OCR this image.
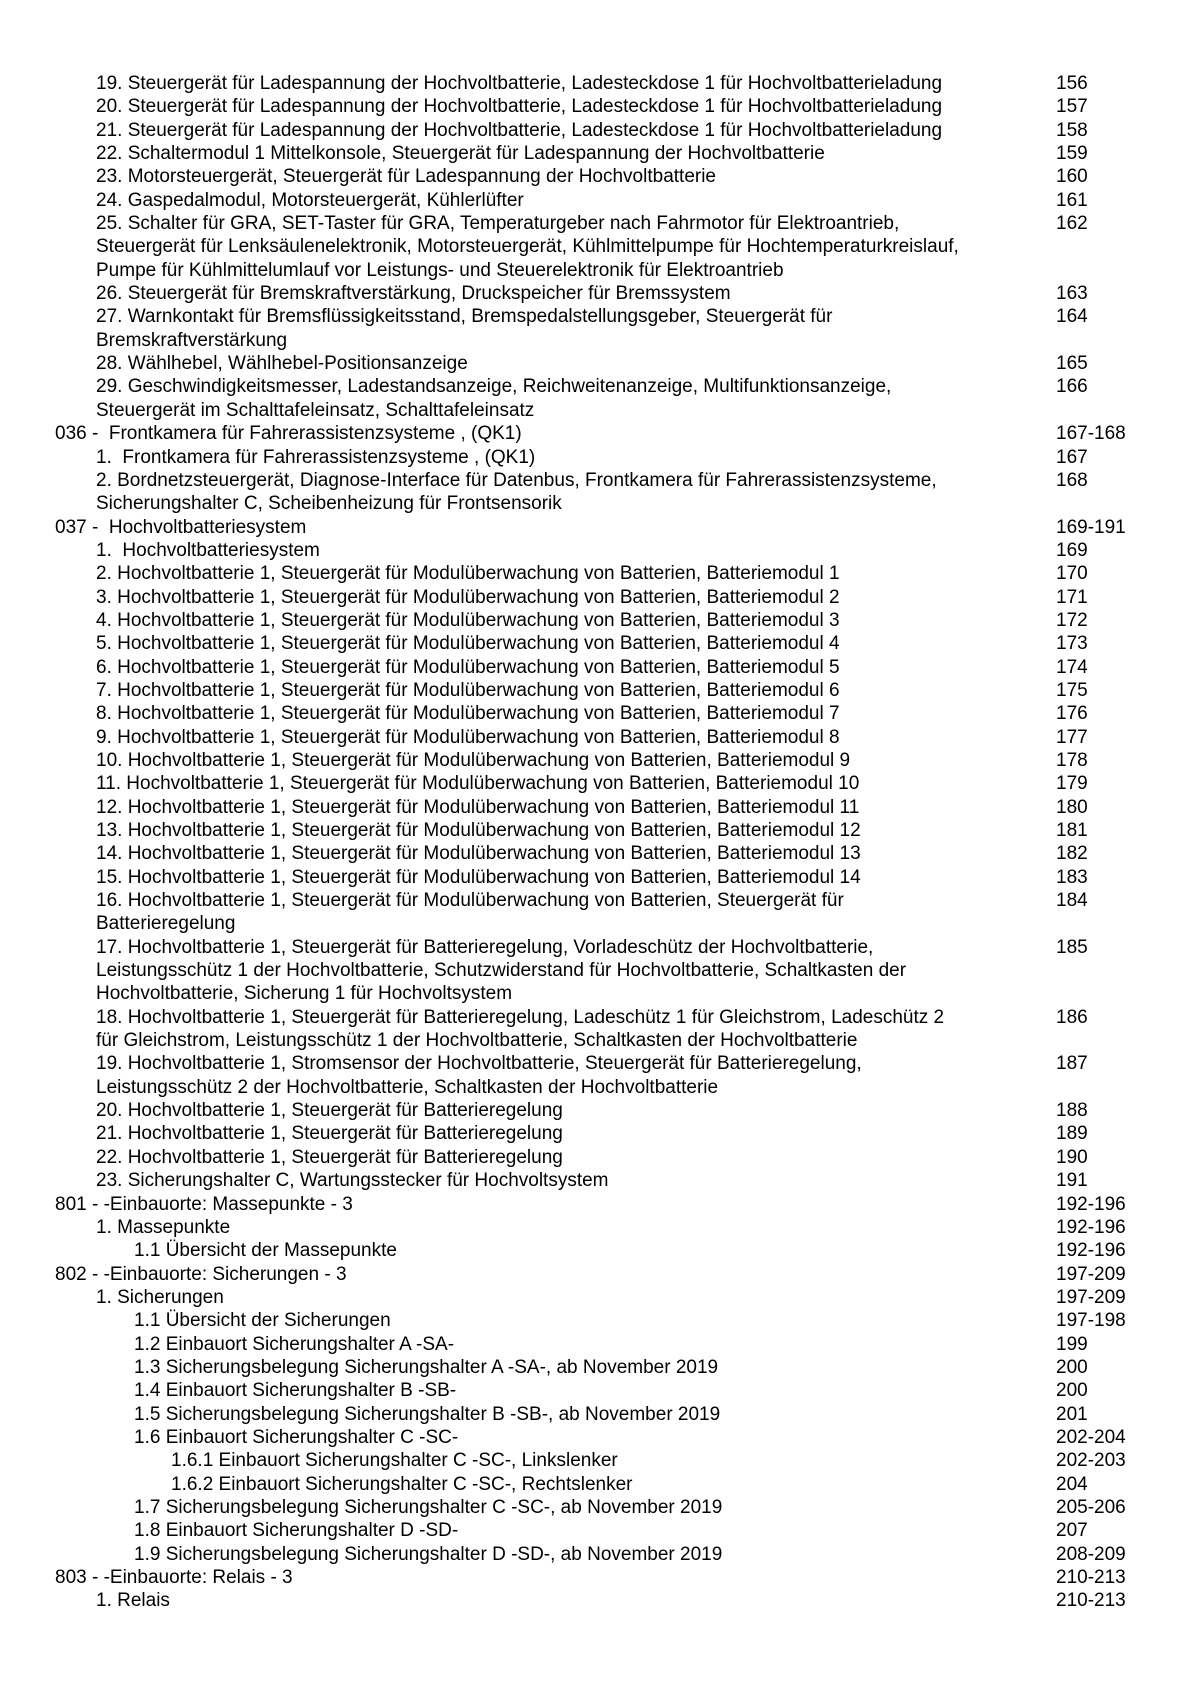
19. Steuergerät für Ladespannung der Hochvoltbatterie, Ladesteckdose 1 für Hochvoltbatterieladung	156
20. Steuergerät für Ladespannung der Hochvoltbatterie, Ladesteckdose 1 für Hochvoltbatterieladung	157
21. Steuergerät für Ladespannung der Hochvoltbatterie, Ladesteckdose 1 für Hochvoltbatterieladung	158
22. Schaltermodul 1 Mittelkonsole, Steuergerät für Ladespannung der Hochvoltbatterie	159
23. Motorsteuergerät, Steuergerät für Ladespannung der Hochvoltbatterie	160
24. Gaspedalmodul, Motorsteuergerät, Kühlerlüfter	161
25. Schalter für GRA, SET-Taster für GRA, Temperaturgeber nach Fahrmotor für Elektroantrieb,	162
Steuergerät für Lenksäulenelektronik, Motorsteuergerät, Kühlmittelpumpe für Hochtemperaturkreislauf,
Pumpe für Kühlmittelumlauf vor Leistungs- und Steuerelektronik für Elektroantrieb
26. Steuergerät für Bremskraftverstärkung, Druckspeicher für Bremssystem	163
27. Warnkontakt für Bremsflüssigkeitsstand, Bremspedalstellungsgeber, Steuergerät für	164
Bremskraftverstärkung
28. Wählhebel, Wählhebel-Positionsanzeige	165
29. Geschwindigkeitsmesser, Ladestandsanzeige, Reichweitenanzeige, Multifunktionsanzeige,	166
Steuergerät im Schalttafeleinsatz, Schalttafeleinsatz
036 -  Frontkamera für Fahrerassistenzsysteme , (QK1)	167-168
1.  Frontkamera für Fahrerassistenzsysteme , (QK1)	167
2. Bordnetzsteuergerät, Diagnose-Interface für Datenbus, Frontkamera für Fahrerassistenzsysteme,	168
Sicherungshalter C, Scheibenheizung für Frontsensorik
037 -  Hochvoltbatteriesystem	169-191
1.  Hochvoltbatteriesystem	169
2. Hochvoltbatterie 1, Steuergerät für Modulüberwachung von Batterien, Batteriemodul 1	170
3. Hochvoltbatterie 1, Steuergerät für Modulüberwachung von Batterien, Batteriemodul 2	171
4. Hochvoltbatterie 1, Steuergerät für Modulüberwachung von Batterien, Batteriemodul 3	172
5. Hochvoltbatterie 1, Steuergerät für Modulüberwachung von Batterien, Batteriemodul 4	173
6. Hochvoltbatterie 1, Steuergerät für Modulüberwachung von Batterien, Batteriemodul 5	174
7. Hochvoltbatterie 1, Steuergerät für Modulüberwachung von Batterien, Batteriemodul 6	175
8. Hochvoltbatterie 1, Steuergerät für Modulüberwachung von Batterien, Batteriemodul 7	176
9. Hochvoltbatterie 1, Steuergerät für Modulüberwachung von Batterien, Batteriemodul 8	177
10. Hochvoltbatterie 1, Steuergerät für Modulüberwachung von Batterien, Batteriemodul 9	178
11. Hochvoltbatterie 1, Steuergerät für Modulüberwachung von Batterien, Batteriemodul 10	179
12. Hochvoltbatterie 1, Steuergerät für Modulüberwachung von Batterien, Batteriemodul 11	180
13. Hochvoltbatterie 1, Steuergerät für Modulüberwachung von Batterien, Batteriemodul 12	181
14. Hochvoltbatterie 1, Steuergerät für Modulüberwachung von Batterien, Batteriemodul 13	182
15. Hochvoltbatterie 1, Steuergerät für Modulüberwachung von Batterien, Batteriemodul 14	183
16. Hochvoltbatterie 1, Steuergerät für Modulüberwachung von Batterien, Steuergerät für	184
Batterieregelung
17. Hochvoltbatterie 1, Steuergerät für Batterieregelung, Vorladeschütz der Hochvoltbatterie,	185
Leistungsschütz 1 der Hochvoltbatterie, Schutzwiderstand für Hochvoltbatterie, Schaltkasten der
Hochvoltbatterie, Sicherung 1 für Hochvoltsystem
18. Hochvoltbatterie 1, Steuergerät für Batterieregelung, Ladeschütz 1 für Gleichstrom, Ladeschütz 2	186
für Gleichstrom, Leistungsschütz 1 der Hochvoltbatterie, Schaltkasten der Hochvoltbatterie
19. Hochvoltbatterie 1, Stromsensor der Hochvoltbatterie, Steuergerät für Batterieregelung,	187
Leistungsschütz 2 der Hochvoltbatterie, Schaltkasten der Hochvoltbatterie
20. Hochvoltbatterie 1, Steuergerät für Batterieregelung	188
21. Hochvoltbatterie 1, Steuergerät für Batterieregelung	189
22. Hochvoltbatterie 1, Steuergerät für Batterieregelung	190
23. Sicherungshalter C, Wartungsstecker für Hochvoltsystem	191
801 - -Einbauorte: Massepunkte - 3	192-196
1. Massepunkte	192-196
1.1 Übersicht der Massepunkte	192-196
802 - -Einbauorte: Sicherungen - 3	197-209
1. Sicherungen	197-209
1.1 Übersicht der Sicherungen	197-198
1.2 Einbauort Sicherungshalter A -SA-	199
1.3 Sicherungsbelegung Sicherungshalter A -SA-, ab November 2019	200
1.4 Einbauort Sicherungshalter B -SB-	200
1.5 Sicherungsbelegung Sicherungshalter B -SB-, ab November 2019	201
1.6 Einbauort Sicherungshalter C -SC-	202-204
1.6.1 Einbauort Sicherungshalter C -SC-, Linkslenker	202-203
1.6.2 Einbauort Sicherungshalter C -SC-, Rechtslenker	204
1.7 Sicherungsbelegung Sicherungshalter C -SC-, ab November 2019	205-206
1.8 Einbauort Sicherungshalter D -SD-	207
1.9 Sicherungsbelegung Sicherungshalter D -SD-, ab November 2019	208-209
803 - -Einbauorte: Relais - 3	210-213
1. Relais	210-213
